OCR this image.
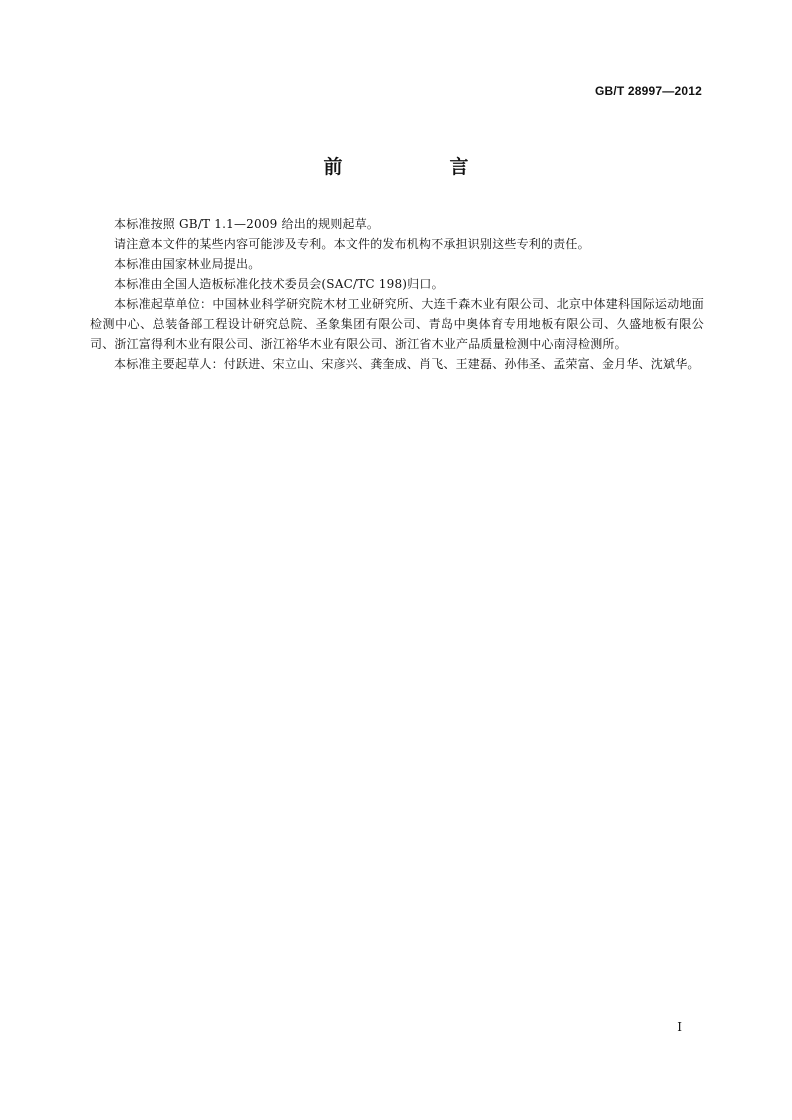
GB/T 28997—2012
前　言

本标准按照 GB/T 1.1—2009 给出的规则起草。

请注意本文件的某些内容可能涉及专利。本文件的发布机构不承担识别这些专利的责任。

本标准由国家林业局提出。

本标准由全国人造板标准化技术委员会(SAC/TC 198)归口。

本标准起草单位：中国林业科学研究院木材工业研究所、大连千森木业有限公司、北京中体建科国际运动地面检测中心、总装备部工程设计研究总院、圣象集团有限公司、青岛中奥体育专用地板有限公司、久盛地板有限公司、浙江富得利木业有限公司、浙江裕华木业有限公司、浙江省木业产品质量检测中心南浔检测所。

本标准主要起草人：付跃进、宋立山、宋彦兴、龚奎成、肖飞、王建磊、孙伟圣、孟荣富、金月华、沈斌华。

I
